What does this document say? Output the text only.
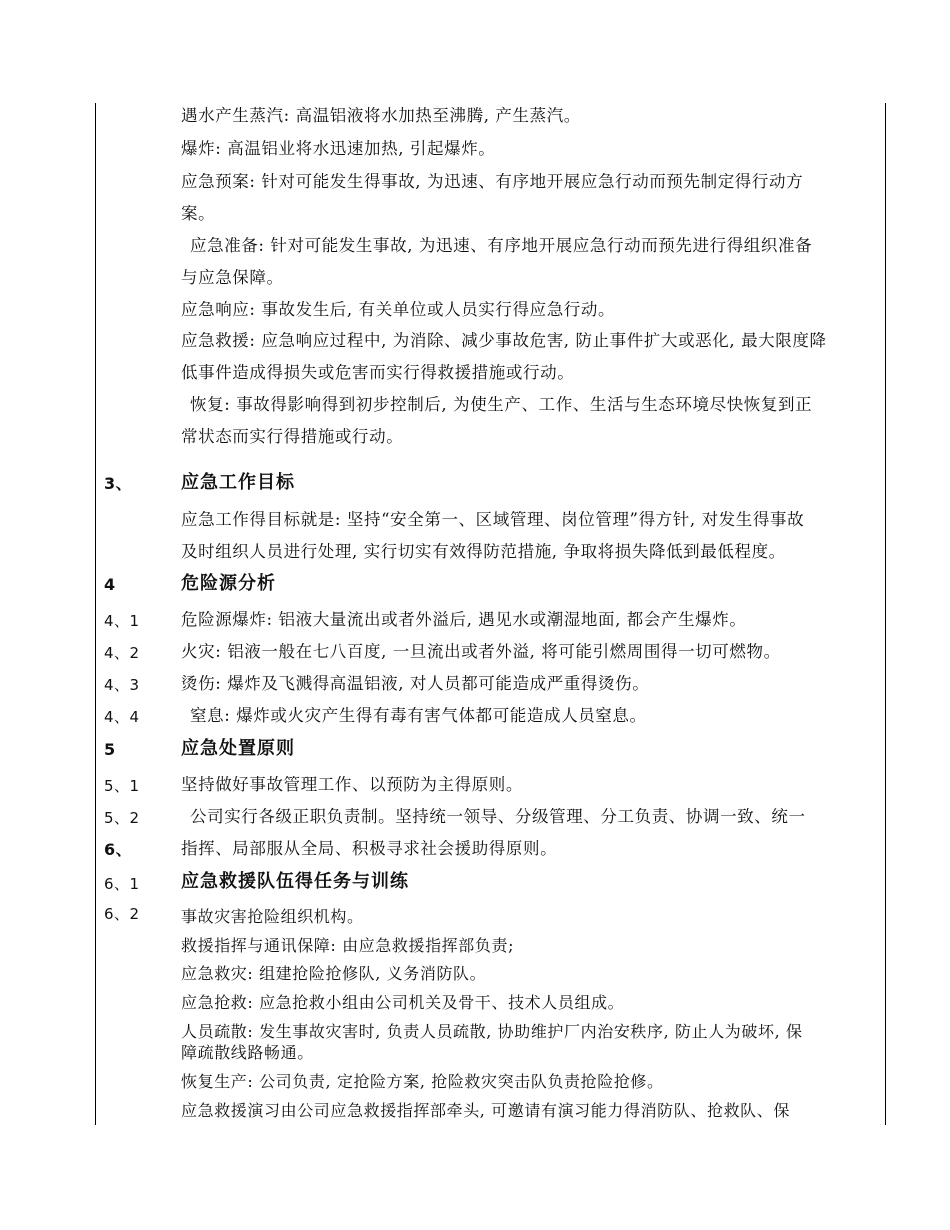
遇水产生蒸汽: 高温铝液将水加热至沸腾, 产生蒸汽。
爆炸: 高温铝业将水迅速加热, 引起爆炸。
应急预案: 针对可能发生得事故, 为迅速、有序地开展应急行动而预先制定得行动方
案。
应急准备: 针对可能发生事故, 为迅速、有序地开展应急行动而预先进行得组织准备
与应急保障。
应急响应: 事故发生后, 有关单位或人员实行得应急行动。
应急救援: 应急响应过程中, 为消除、减少事故危害, 防止事件扩大或恶化, 最大限度降
低事件造成得损失或危害而实行得救援措施或行动。
恢复: 事故得影响得到初步控制后, 为使生产、工作、生活与生态环境尽快恢复到正
常状态而实行得措施或行动。
3、	应急工作目标
应急工作得目标就是: 坚持“安全第一、区域管理、岗位管理”得方针, 对发生得事故
及时组织人员进行处理, 实行切实有效得防范措施, 争取将损失降低到最低程度。
4	危险源分析
4、1	危险源爆炸: 铝液大量流出或者外溢后, 遇见水或潮湿地面, 都会产生爆炸。
4、2	火灾: 铝液一般在七八百度, 一旦流出或者外溢, 将可能引燃周围得一切可燃物。
4、3	烫伤: 爆炸及飞溅得高温铝液, 对人员都可能造成严重得烫伤。
4、4	窒息: 爆炸或火灾产生得有毒有害气体都可能造成人员窒息。
5	应急处置原则
5、1	坚持做好事故管理工作、以预防为主得原则。
5、2	公司实行各级正职负责制。坚持统一领导、分级管理、分工负责、协调一致、统一
6、	指挥、局部服从全局、积极寻求社会援助得原则。
6、1 应急救援队伍得任务与训练
6、2	事故灾害抢险组织机构。
救援指挥与通讯保障: 由应急救援指挥部负责;
应急救灾: 组建抢险抢修队, 义务消防队。
应急抢救: 应急抢救小组由公司机关及骨干、技术人员组成。
人员疏散: 发生事故灾害时, 负责人员疏散, 协助维护厂内治安秩序, 防止人为破坏, 保
障疏散线路畅通。
恢复生产: 公司负责, 定抢险方案, 抢险救灾突击队负责抢险抢修。
应急救援演习由公司应急救援指挥部牵头, 可邀请有演习能力得消防队、抢救队、保
